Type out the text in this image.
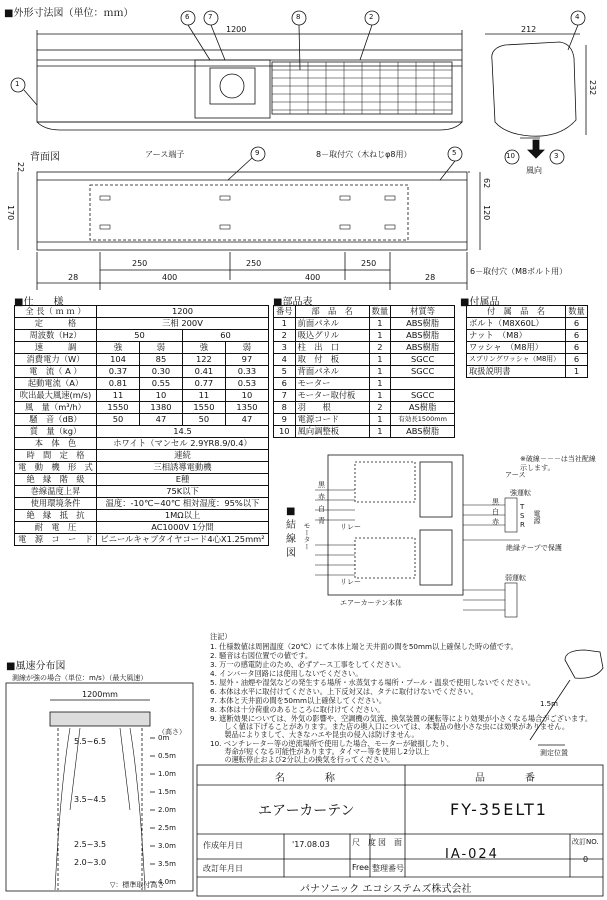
■外形寸法図（単位：ｍｍ）
背面図
■仕　　様	■部品表	■付属品
■結線図
■風速分布図
1200	212
232
22
170
62
120
250	250	250
400	400
28	28
アース端子	8－取付穴（木ねじφ8用）
6－取付穴（M8ボルト用）
風向
6	7	8	2	4
1
9	5	10	3
全 長（ ｍ ｍ ）	1200			
定　　　格	三相 200V			
周波数（Hz）	50		60	
速　　　調	強	弱	強	弱
消費電力（W）	104	85	122	97
電　流（ A ）	0.37	0.30	0.41	0.33
起動電流（A）	0.81	0.55	0.77	0.53
吹出最大風速(m/s)	11	10	11	10
風　量（m³/h）	1550	1380	1550	1350
騒　音（dB）	50	47	50	47
質　量（kg）	14.5			
本　体　色	ホワイト（マンセル 2.9YR8.9/0.4）			
時　間　定　格	連続			
電　動　機　形　式	三相誘導電動機			
絶　縁　階　級	E種			
巻線温度上昇	75K以下			
使用環境条件	温度：-10℃~40℃ 相対湿度：95%以下			
絶　縁　抵　抗	1MΩ以上			
耐　電　圧	AC1000V 1分間			
電　源　コ　ー　ド	ビニールキャブタイヤコード4心X1.25mm²			
番号	部　品　名	数量	材質等
1	前面パネル	1	ABS樹脂
2	吸込グリル	1	ABS樹脂
3	柱　出　口	2	ABS樹脂
4	取　付　板	1	SGCC
5	背面パネル	1	SGCC
6	モーター	1	
7	モーター取付板	1	SGCC
8	羽　　根	2	AS樹脂
9	電源コード	1	有効長1500mm
10	風向調整板	1	ABS樹脂
付　属　品　名	数量
ボルト（M8X60L）	6
ナット　（M8）	6
ワッシャ　（M8用）	6
スプリングワッシャ（M8用）	6
取扱説明書	1
※破線－－－は当社配線示します。
アース
強運転
絶縁テープで保護
弱運転
リレー
リレー
エアーカーテン本体
モーター
T
S
R
電源
黒
赤
白
青
黒
白
赤
測線が強の場合（単位：m/s）（最大風速）
1200mm
（高さ）
0m
0.5m
1.0m
1.5m
2.0m
2.5m
3.0m
3.5m
4.0m
5.5~6.5
3.5~4.5
2.5~3.5
2.0~3.0
▽：標準取付高さ
測定位置
1.5m
注記）
1. 仕様数値は周囲温度（20℃）にて本体上端と天井面の間を50mm以上確保した時の値です。
2. 騒音は右図位置での値です。
3. 万一の感電防止のため、必ずアース工事をしてください。
4. インバータ回路には使用しないでください。
5. 屋外・油煙や湿気などの発生する場所・水蒸気する場所・プール・温泉で使用しないでください。
6. 本体は水平に取付けてください。上下反対又は、タテに取付けないでください。
7. 本体と天井面の間を50mm以上確保してください。
8. 本体は十分荷重のあるところに取付けてください。
9. 遮断効果については、外気の影響や、空調機の気流、換気装置の運転等により効果が小さくなる場合がございます。
　　しく値は下げることがあります。また店の奥入口については、本製品の他小さな虫には効果がありません。
　　製品によりまして、大きなハエや昆虫の侵入は防げません。
10. ベンチレーター等の逆流場所で使用した場合、モーターが破損したり、
　　寿命が短くなる可能性があります。タイマー等を使用し2分以上
　　の運転停止および2分以上の換気を行ってください。
名　　　　称	品　　　　番
エアーカーテン	FY-35ELT1
作成年月日	'17.08.03	尺　度
改訂年月日	Free
図　面
整理番号
IA-024
改訂NO.
0
パナソニック エコシステムズ株式会社
